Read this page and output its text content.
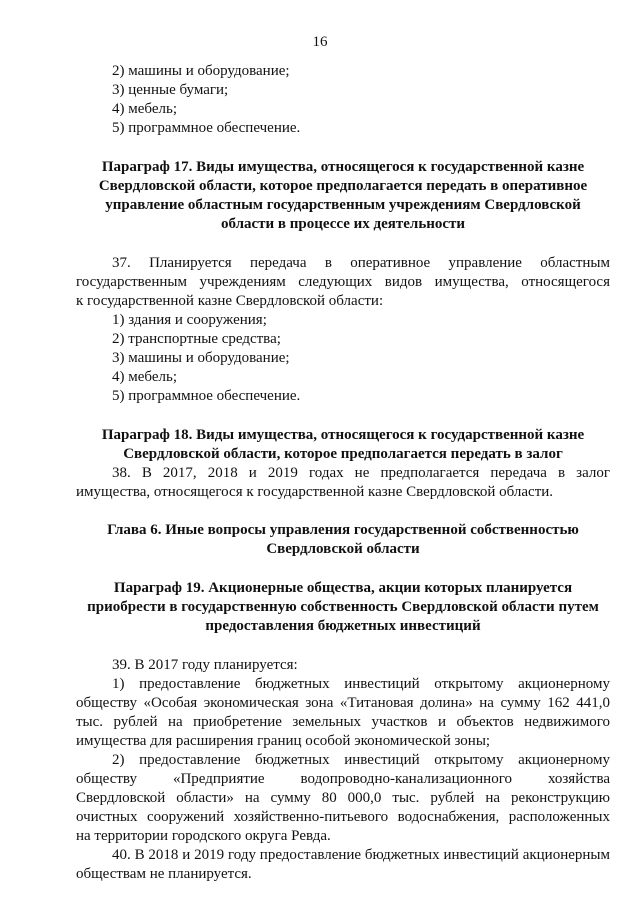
16
2) машины и оборудование;
3) ценные бумаги;
4) мебель;
5) программное обеспечение.
Параграф 17. Виды имущества, относящегося к государственной казне
Свердловской области, которое предполагается передать в оперативное
управление областным государственным учреждениям Свердловской
области в процессе их деятельности
37. Планируется передача в оперативное управление областным
государственным учреждениям следующих видов имущества, относящегося
к государственной казне Свердловской области:
1) здания и сооружения;
2) транспортные средства;
3) машины и оборудование;
4) мебель;
5) программное обеспечение.
Параграф 18. Виды имущества, относящегося к государственной казне
Свердловской области, которое предполагается передать в залог
38. В 2017, 2018 и 2019 годах не предполагается передача в залог
имущества, относящегося к государственной казне Свердловской области.
Глава 6. Иные вопросы управления государственной собственностью
Свердловской области
Параграф 19. Акционерные общества, акции которых планируется
приобрести в государственную собственность Свердловской области путем
предоставления бюджетных инвестиций
39. В 2017 году планируется:
1) предоставление бюджетных инвестиций открытому акционерному
обществу «Особая экономическая зона «Титановая долина» на сумму 162 441,0
тыс. рублей на приобретение земельных участков и объектов недвижимого
имущества для расширения границ особой экономической зоны;
2) предоставление бюджетных инвестиций открытому акционерному
обществу «Предприятие водопроводно-канализационного хозяйства
Свердловской области» на сумму 80 000,0 тыс. рублей на реконструкцию
очистных сооружений хозяйственно-питьевого водоснабжения, расположенных
на территории городского округа Ревда.
40. В 2018 и 2019 году предоставление бюджетных инвестиций акционерным
обществам не планируется.
